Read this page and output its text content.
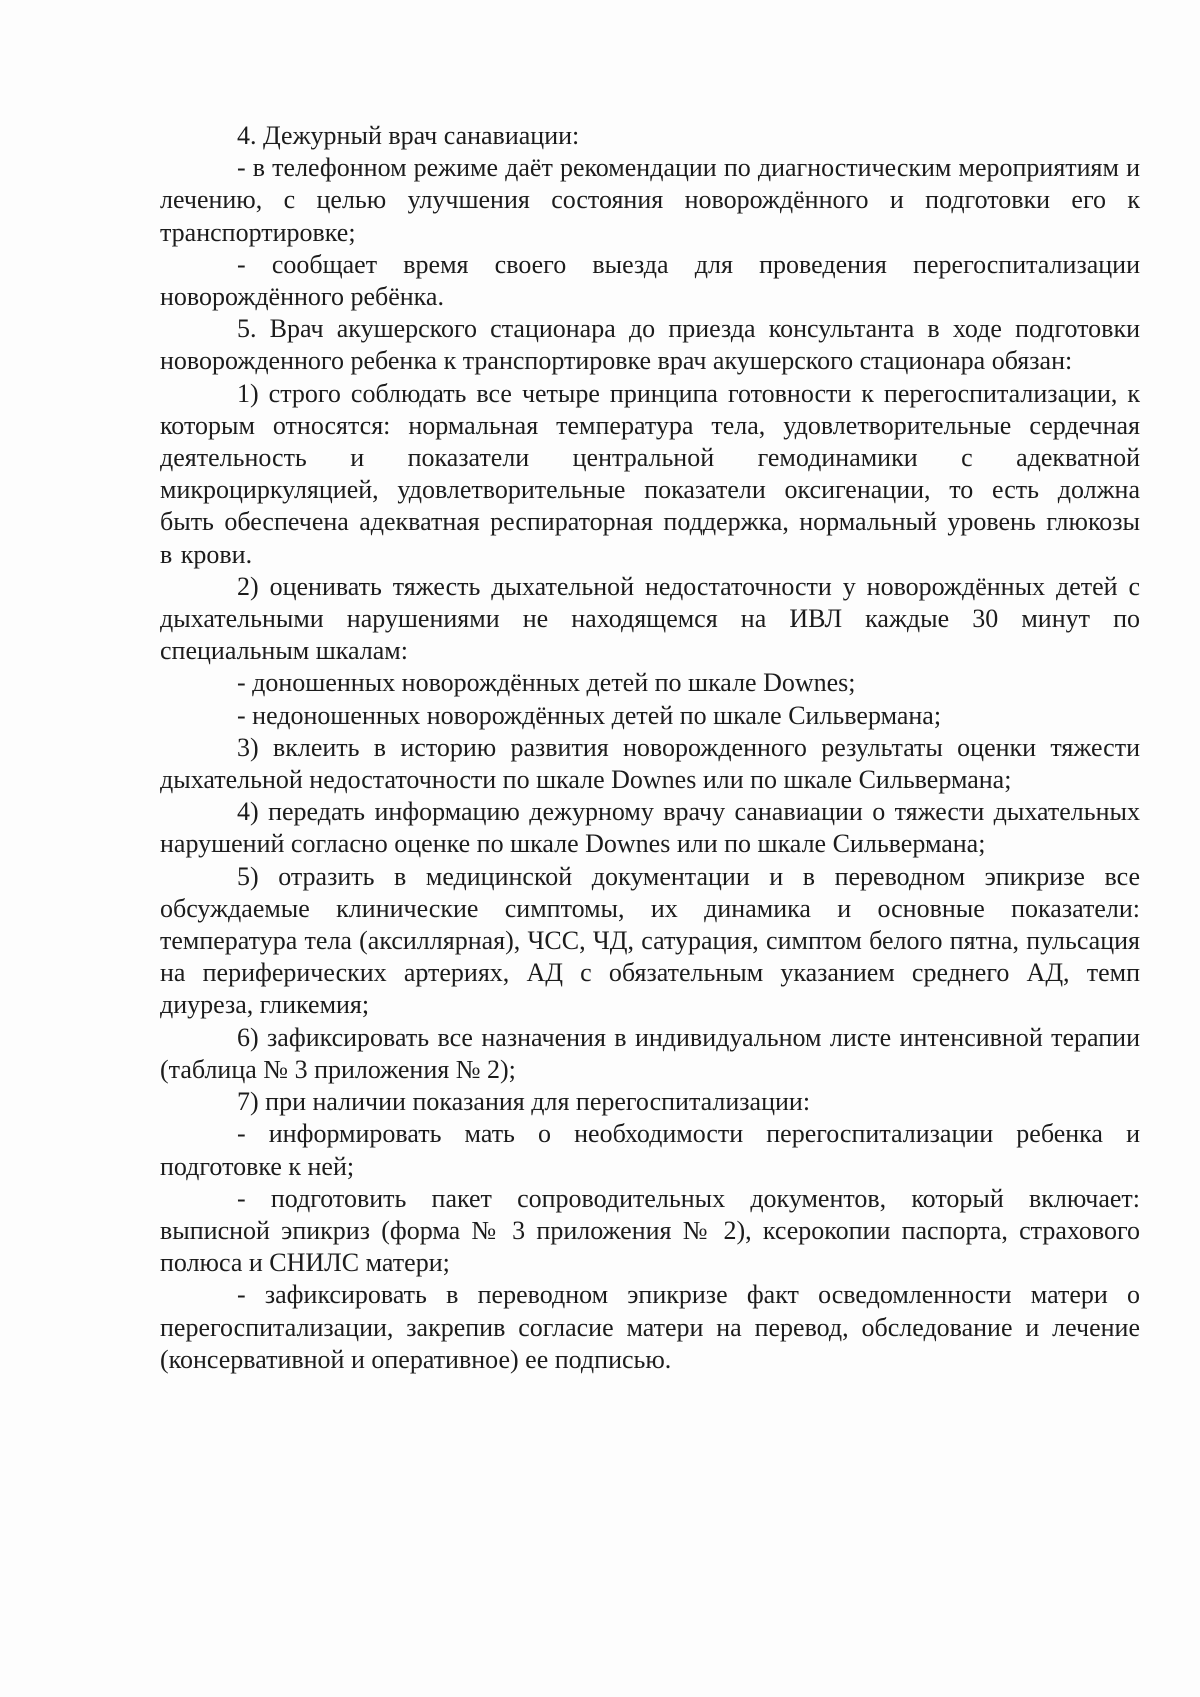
4. Дежурный врач санавиации:

- в телефонном режиме даёт рекомендации по диагностическим мероприятиям и лечению, с целью улучшения состояния новорождённого и подготовки его к транспортировке;

- сообщает время своего выезда для проведения перегоспитализации новорождённого ребёнка.

5. Врач акушерского стационара до приезда консультанта в ходе подготовки новорожденного ребенка к транспортировке врач акушерского стационара обязан:

1) строго соблюдать все четыре принципа готовности к перегоспитализации, к которым относятся: нормальная температура тела, удовлетворительные сердечная деятельность и показатели центральной гемодинамики с адекватной микроциркуляцией, удовлетворительные показатели оксигенации, то есть должна быть обеспечена адекватная респираторная поддержка, нормальный уровень глюкозы в крови.

2) оценивать тяжесть дыхательной недостаточности у новорождённых детей с дыхательными нарушениями не находящемся на ИВЛ каждые 30 минут по специальным шкалам:

- доношенных новорождённых детей по шкале Downes;

- недоношенных новорождённых детей по шкале Сильвермана;

3) вклеить в историю развития новорожденного результаты оценки тяжести дыхательной недостаточности по шкале Downes или по шкале Сильвермана;

4) передать информацию дежурному врачу санавиации о тяжести дыхательных нарушений согласно оценке по шкале Downes или по шкале Сильвермана;

5) отразить в медицинской документации и в переводном эпикризе все обсуждаемые клинические симптомы, их динамика и основные показатели: температура тела (аксиллярная), ЧСС, ЧД, сатурация, симптом белого пятна, пульсация на периферических артериях, АД с обязательным указанием среднего АД, темп диуреза, гликемия;

6) зафиксировать все назначения в индивидуальном листе интенсивной терапии (таблица № 3 приложения № 2);

7) при наличии показания для перегоспитализации:

- информировать мать о необходимости перегоспитализации ребенка и подготовке к ней;

- подготовить пакет сопроводительных документов, который включает: выписной эпикриз (форма № 3 приложения № 2), ксерокопии паспорта, страхового полюса и СНИЛС матери;

- зафиксировать в переводном эпикризе факт осведомленности матери о перегоспитализации, закрепив согласие матери на перевод, обследование и лечение (консервативной и оперативное) ее подписью.
